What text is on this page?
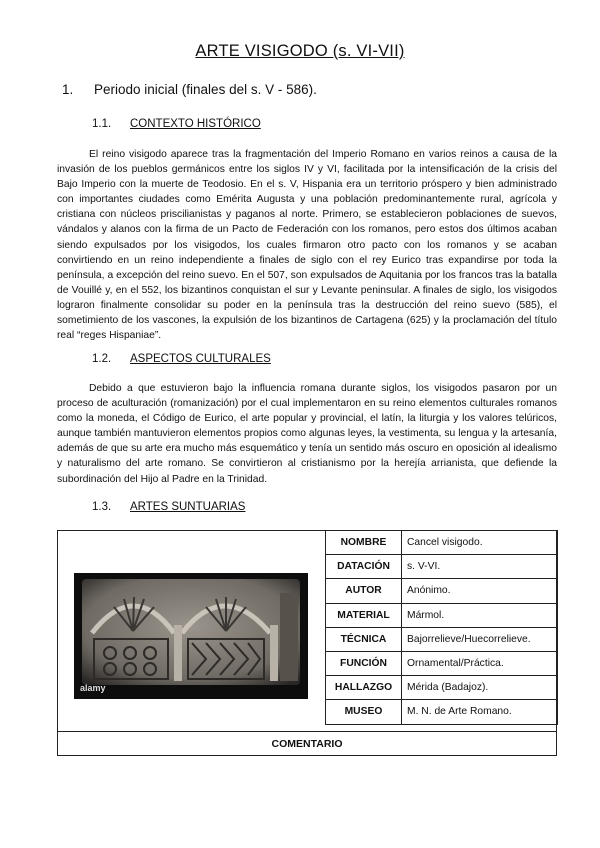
ARTE VISIGODO (s. VI-VII)
1. Periodo inicial (finales del s. V - 586).
1.1. CONTEXTO HISTÓRICO
El reino visigodo aparece tras la fragmentación del Imperio Romano en varios reinos a causa de la invasión de los pueblos germánicos entre los siglos IV y VI, facilitada por la intensificación de la crisis del Bajo Imperio con la muerte de Teodosio. En el s. V, Hispania era un territorio próspero y bien administrado con importantes ciudades como Emérita Augusta y una población predominantemente rural, agrícola y cristiana con núcleos priscilianistas y paganos al norte. Primero, se establecieron poblaciones de suevos, vándalos y alanos con la firma de un Pacto de Federación con los romanos, pero estos dos últimos acaban siendo expulsados por los visigodos, los cuales firmaron otro pacto con los romanos y se acaban convirtiendo en un reino independiente a finales de siglo con el rey Eurico tras expandirse por toda la península, a excepción del reino suevo. En el 507, son expulsados de Aquitania por los francos tras la batalla de Vouillé y, en el 552, los bizantinos conquistan el sur y Levante peninsular. A finales de siglo, los visigodos lograron finalmente consolidar su poder en la península tras la destrucción del reino suevo (585), el sometimiento de los vascones, la expulsión de los bizantinos de Cartagena (625) y la proclamación del título real “reges Hispaniae”.
1.2. ASPECTOS CULTURALES
Debido a que estuvieron bajo la influencia romana durante siglos, los visigodos pasaron por un proceso de aculturación (romanización) por el cual implementaron en su reino elementos culturales romanos como la moneda, el Código de Eurico, el arte popular y provincial, el latín, la liturgia y los valores telúricos, aunque también mantuvieron elementos propios como algunas leyes, la vestimenta, su lengua y la artesanía, además de que su arte era mucho más esquemático y tenía un sentido más oscuro en oposición al idealismo y naturalismo del arte romano. Se convirtieron al cristianismo por la herejía arrianista, que defiende la subordinación del Hijo al Padre en la Trinidad.
1.3. ARTES SUNTUARIAS
alamy
NOMBRE	Cancel visigodo.
DATACIÓN	s. V-VI.
AUTOR	Anónimo.
MATERIAL	Mármol.
TÉCNICA	Bajorrelieve/Huecorrelieve.
FUNCIÓN	Ornamental/Práctica.
HALLAZGO	Mérida (Badajoz).
MUSEO	M. N. de Arte Romano.
COMENTARIO
